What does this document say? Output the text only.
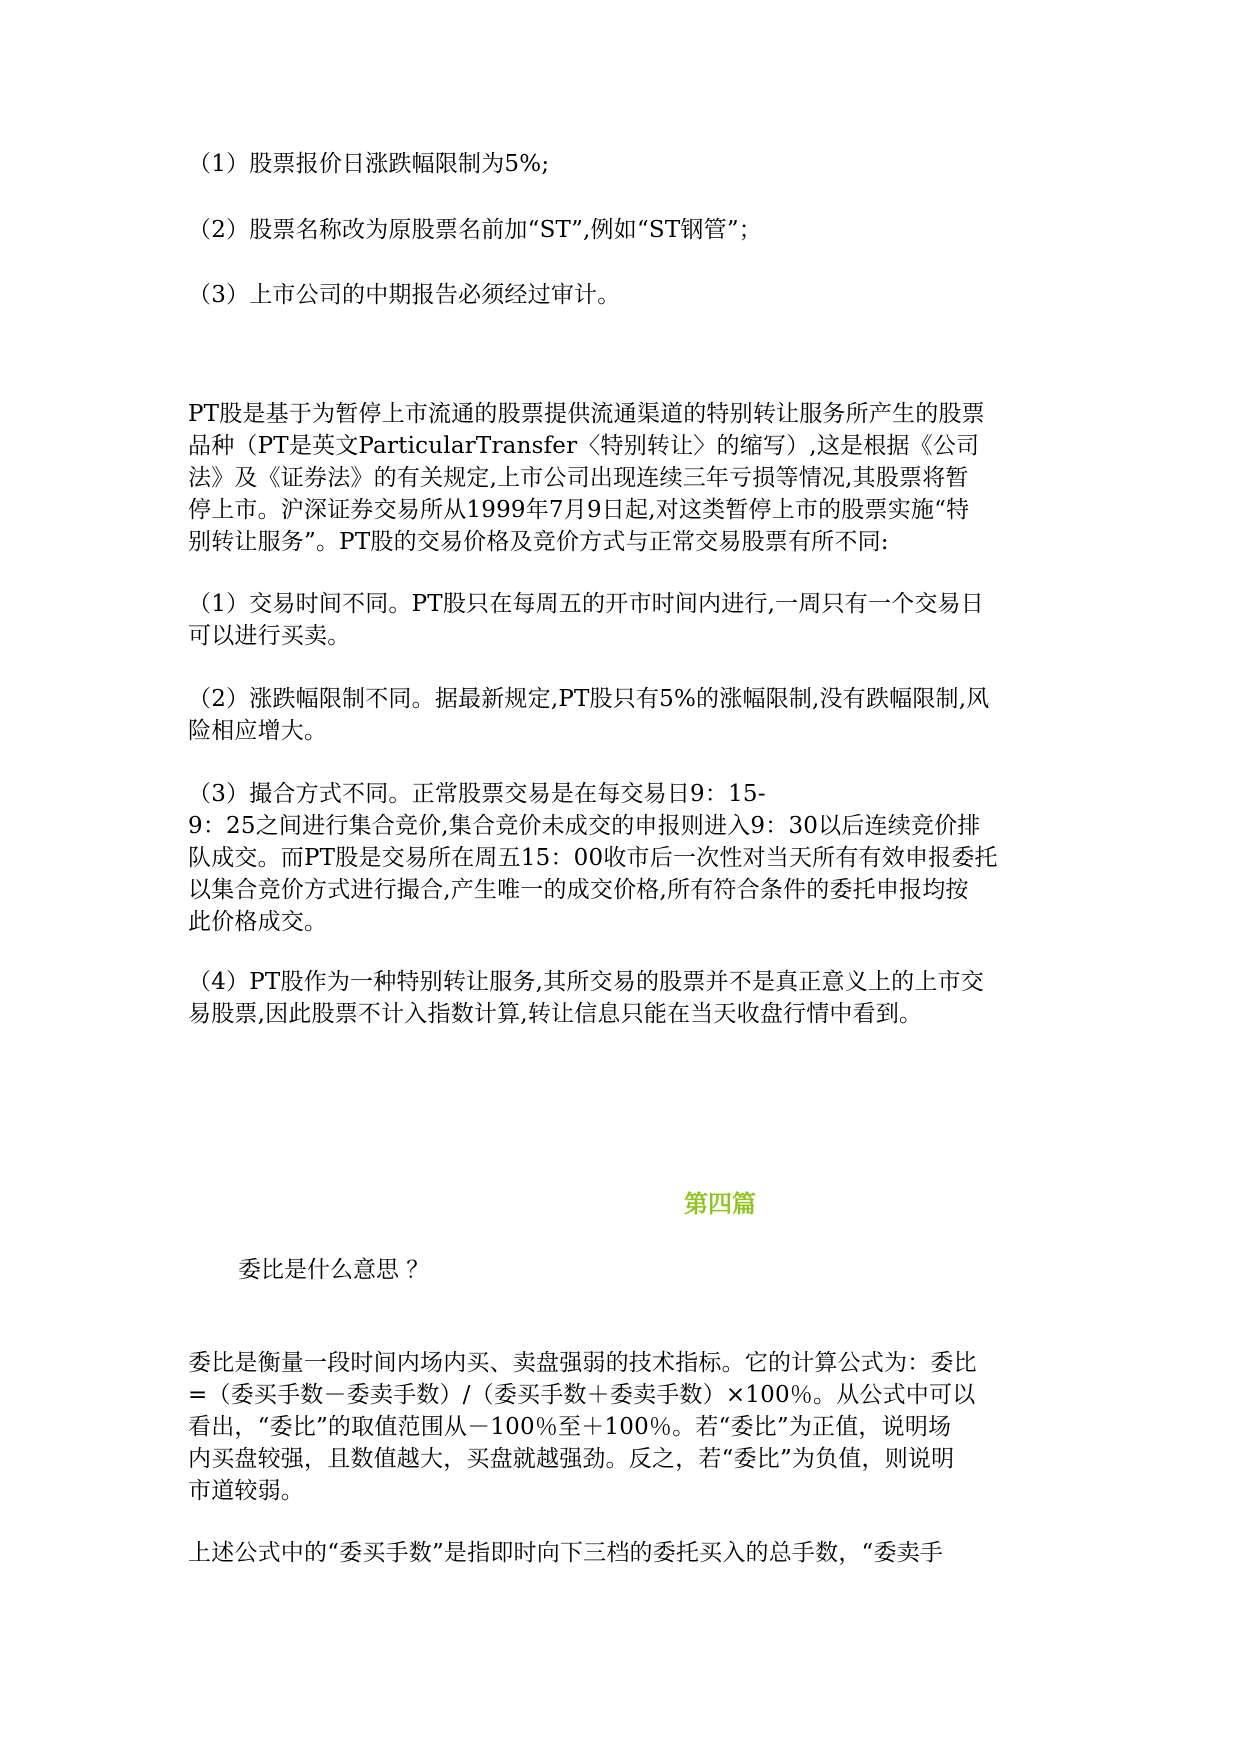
（1）股票报价日涨跌幅限制为5%;
（2）股票名称改为原股票名前加“ST”,例如“ST钢管”；
（3）上市公司的中期报告必须经过审计。
PT股是基于为暂停上市流通的股票提供流通渠道的特别转让服务所产生的股票
品种（PT是英文ParticularTransfer〈特别转让〉的缩写）,这是根据《公司
法》及《证券法》的有关规定,上市公司出现连续三年亏损等情况,其股票将暂
停上市。沪深证券交易所从1999年7月9日起,对这类暂停上市的股票实施“特
别转让服务”。PT股的交易价格及竞价方式与正常交易股票有所不同:
（1）交易时间不同。PT股只在每周五的开市时间内进行,一周只有一个交易日
可以进行买卖。
（2）涨跌幅限制不同。据最新规定,PT股只有5%的涨幅限制,没有跌幅限制,风
险相应增大。
（3）撮合方式不同。正常股票交易是在每交易日9：15-
9：25之间进行集合竞价,集合竞价未成交的申报则进入9：30以后连续竞价排
队成交。而PT股是交易所在周五15：00收市后一次性对当天所有有效申报委托
以集合竞价方式进行撮合,产生唯一的成交价格,所有符合条件的委托申报均按
此价格成交。
（4）PT股作为一种特别转让服务,其所交易的股票并不是真正意义上的上市交
易股票,因此股票不计入指数计算,转让信息只能在当天收盘行情中看到。
第四篇
委比是什么意思 ？
委比是衡量一段时间内场内买、卖盘强弱的技术指标。它的计算公式为：委比
=（委买手数－委卖手数）/（委买手数＋委卖手数）×100％。从公式中可以
看出，“委比”的取值范围从－100％至＋100％。若“委比”为正值，说明场
内买盘较强，且数值越大，买盘就越强劲。反之，若“委比”为负值，则说明
市道较弱。
上述公式中的“委买手数”是指即时向下三档的委托买入的总手数，“委卖手
